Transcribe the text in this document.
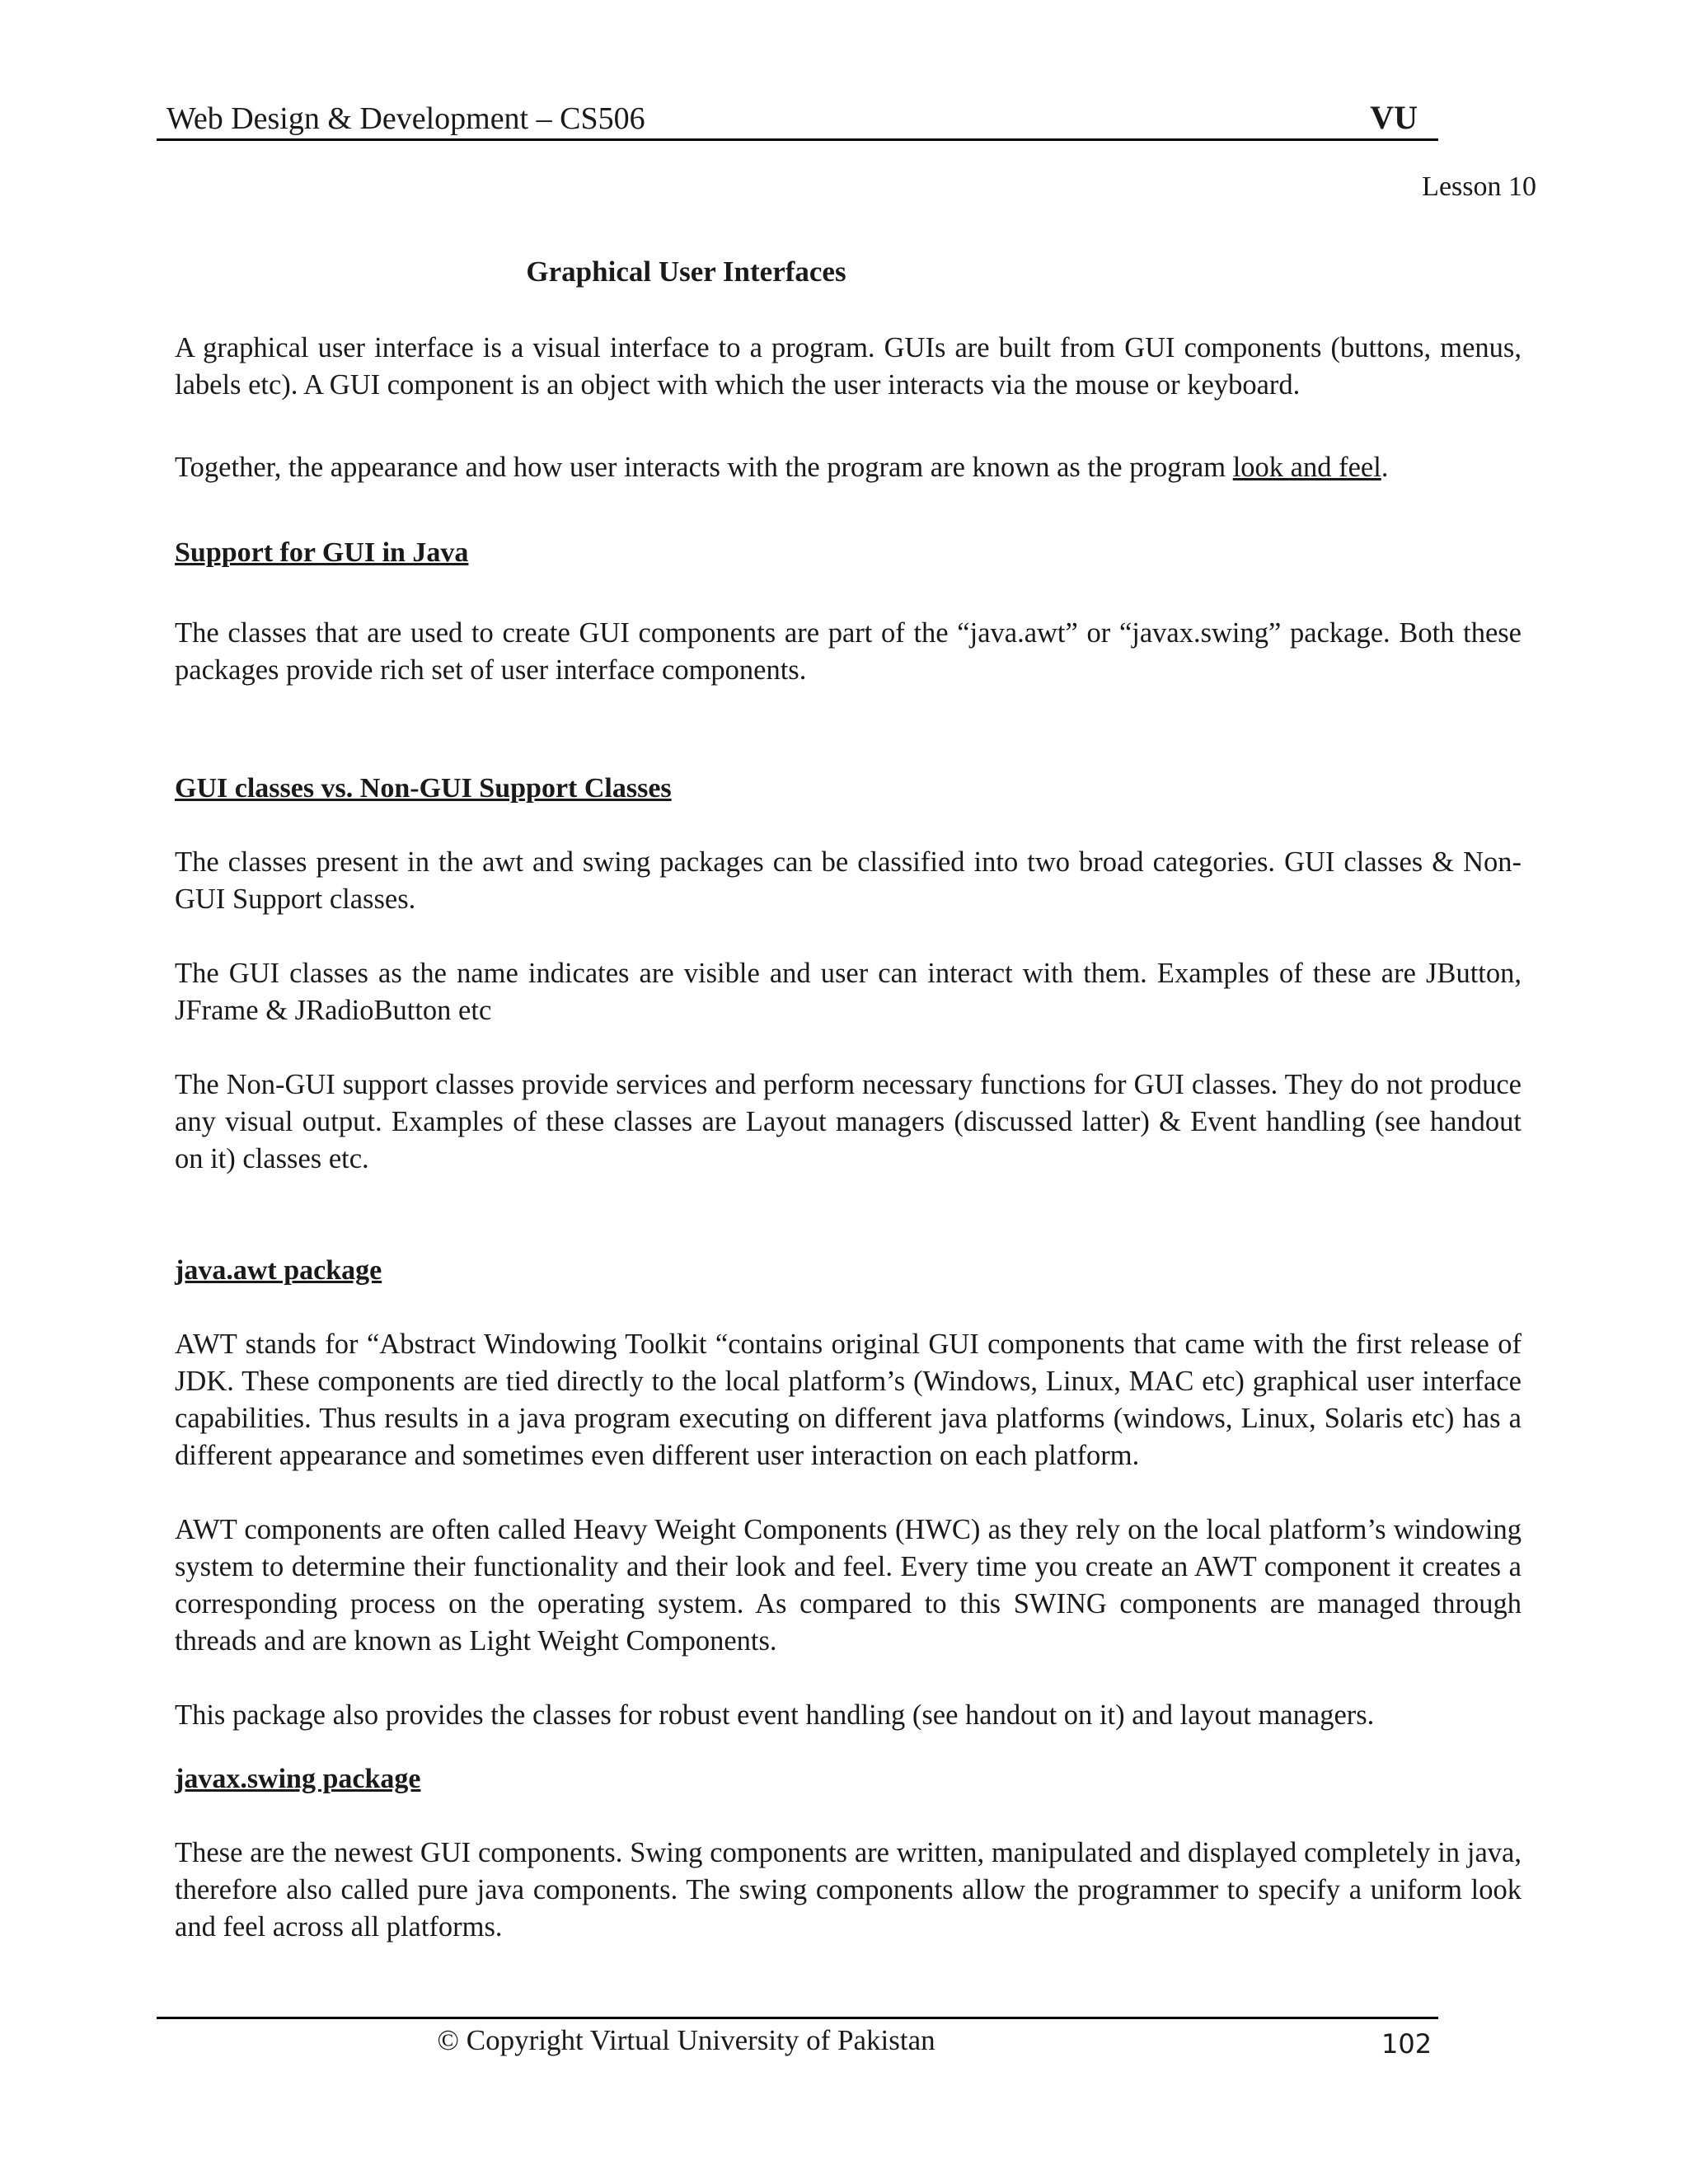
Web Design & Development – CS506	VU
Lesson 10
Graphical User Interfaces

A graphical user interface is a visual interface to a program. GUIs are built from GUI components (buttons, menus, labels etc). A GUI component is an object with which the user interacts via the mouse or keyboard.

Together, the appearance and how user interacts with the program are known as the program look and feel.

Support for GUI in Java

The classes that are used to create GUI components are part of the “java.awt” or “javax.swing” package. Both these packages provide rich set of user interface components.

GUI classes vs. Non-GUI Support Classes

The classes present in the awt and swing packages can be classified into two broad categories. GUI classes & Non-GUI Support classes.

The GUI classes as the name indicates are visible and user can interact with them. Examples of these are JButton, JFrame & JRadioButton etc

The Non-GUI support classes provide services and perform necessary functions for GUI classes. They do not produce any visual output. Examples of these classes are Layout managers (discussed latter) & Event handling (see handout on it) classes etc.

java.awt package

AWT stands for “Abstract Windowing Toolkit “contains original GUI components that came with the first release of JDK. These components are tied directly to the local platform’s (Windows, Linux, MAC etc) graphical user interface capabilities. Thus results in a java program executing on different java platforms (windows, Linux, Solaris etc) has a different appearance and sometimes even different user interaction on each platform.

AWT components are often called Heavy Weight Components (HWC) as they rely on the local platform’s windowing system to determine their functionality and their look and feel. Every time you create an AWT component it creates a corresponding process on the operating system. As compared to this SWING components are managed through threads and are known as Light Weight Components.

This package also provides the classes for robust event handling (see handout on it) and layout managers.

javax.swing package

These are the newest GUI components. Swing components are written, manipulated and displayed completely in java, therefore also called pure java components. The swing components allow the programmer to specify a uniform look and feel across all platforms.

© Copyright Virtual University of Pakistan	102
